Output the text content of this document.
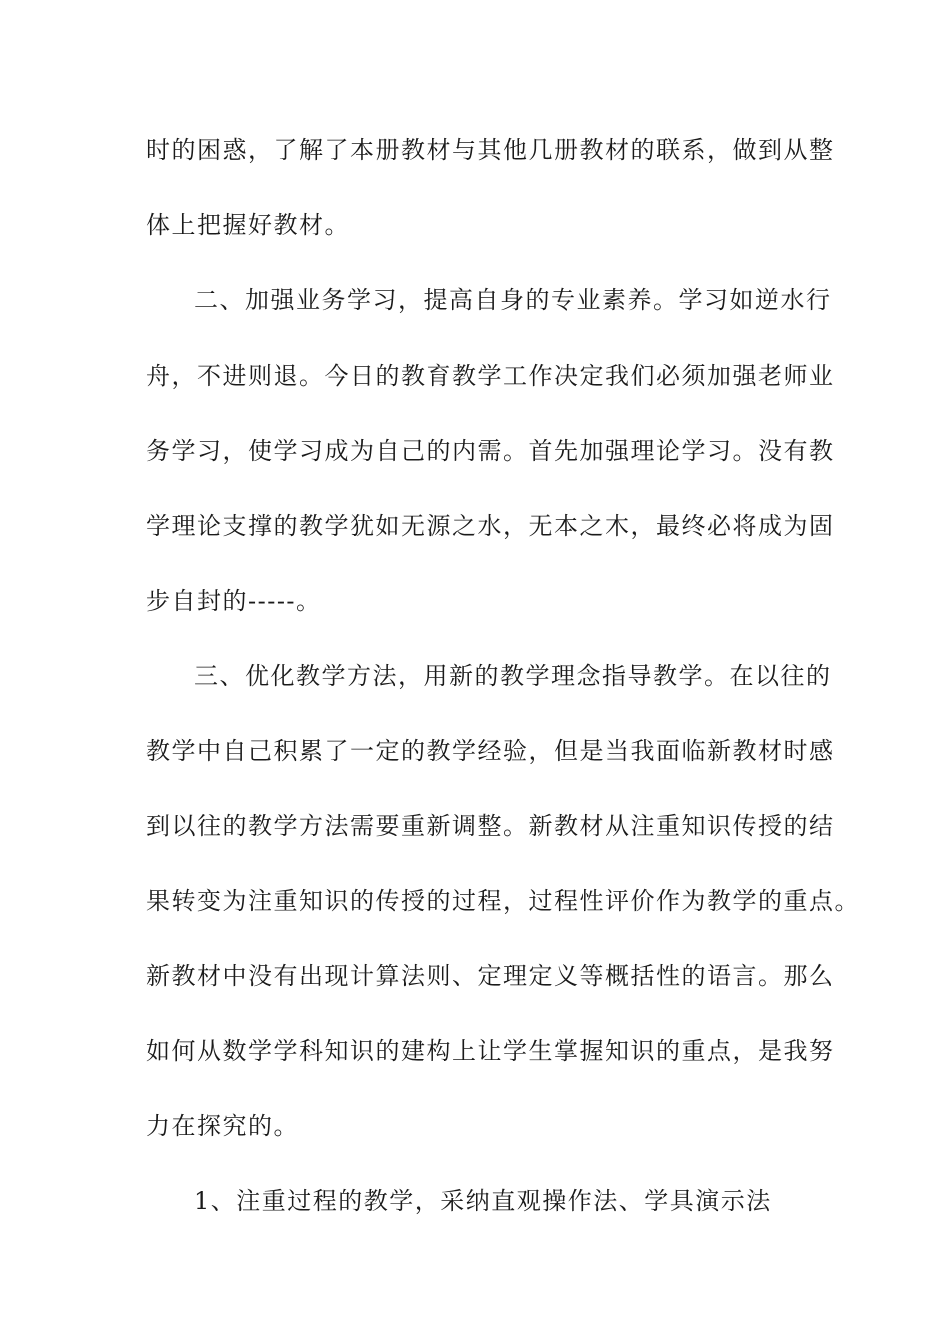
时的困惑，了解了本册教材与其他几册教材的联系，做到从整
体上把握好教材。
二、加强业务学习，提高自身的专业素养。学习如逆水行
舟，不进则退。今日的教育教学工作决定我们必须加强老师业
务学习，使学习成为自己的内需。首先加强理论学习。没有教
学理论支撑的教学犹如无源之水，无本之木，最终必将成为固
步自封的-----。
三、优化教学方法，用新的教学理念指导教学。在以往的
教学中自己积累了一定的教学经验，但是当我面临新教材时感
到以往的教学方法需要重新调整。新教材从注重知识传授的结
果转变为注重知识的传授的过程，过程性评价作为教学的重点。
新教材中没有出现计算法则、定理定义等概括性的语言。那么
如何从数学学科知识的建构上让学生掌握知识的重点，是我努
力在探究的。
1、注重过程的教学，采纳直观操作法、学具演示法
